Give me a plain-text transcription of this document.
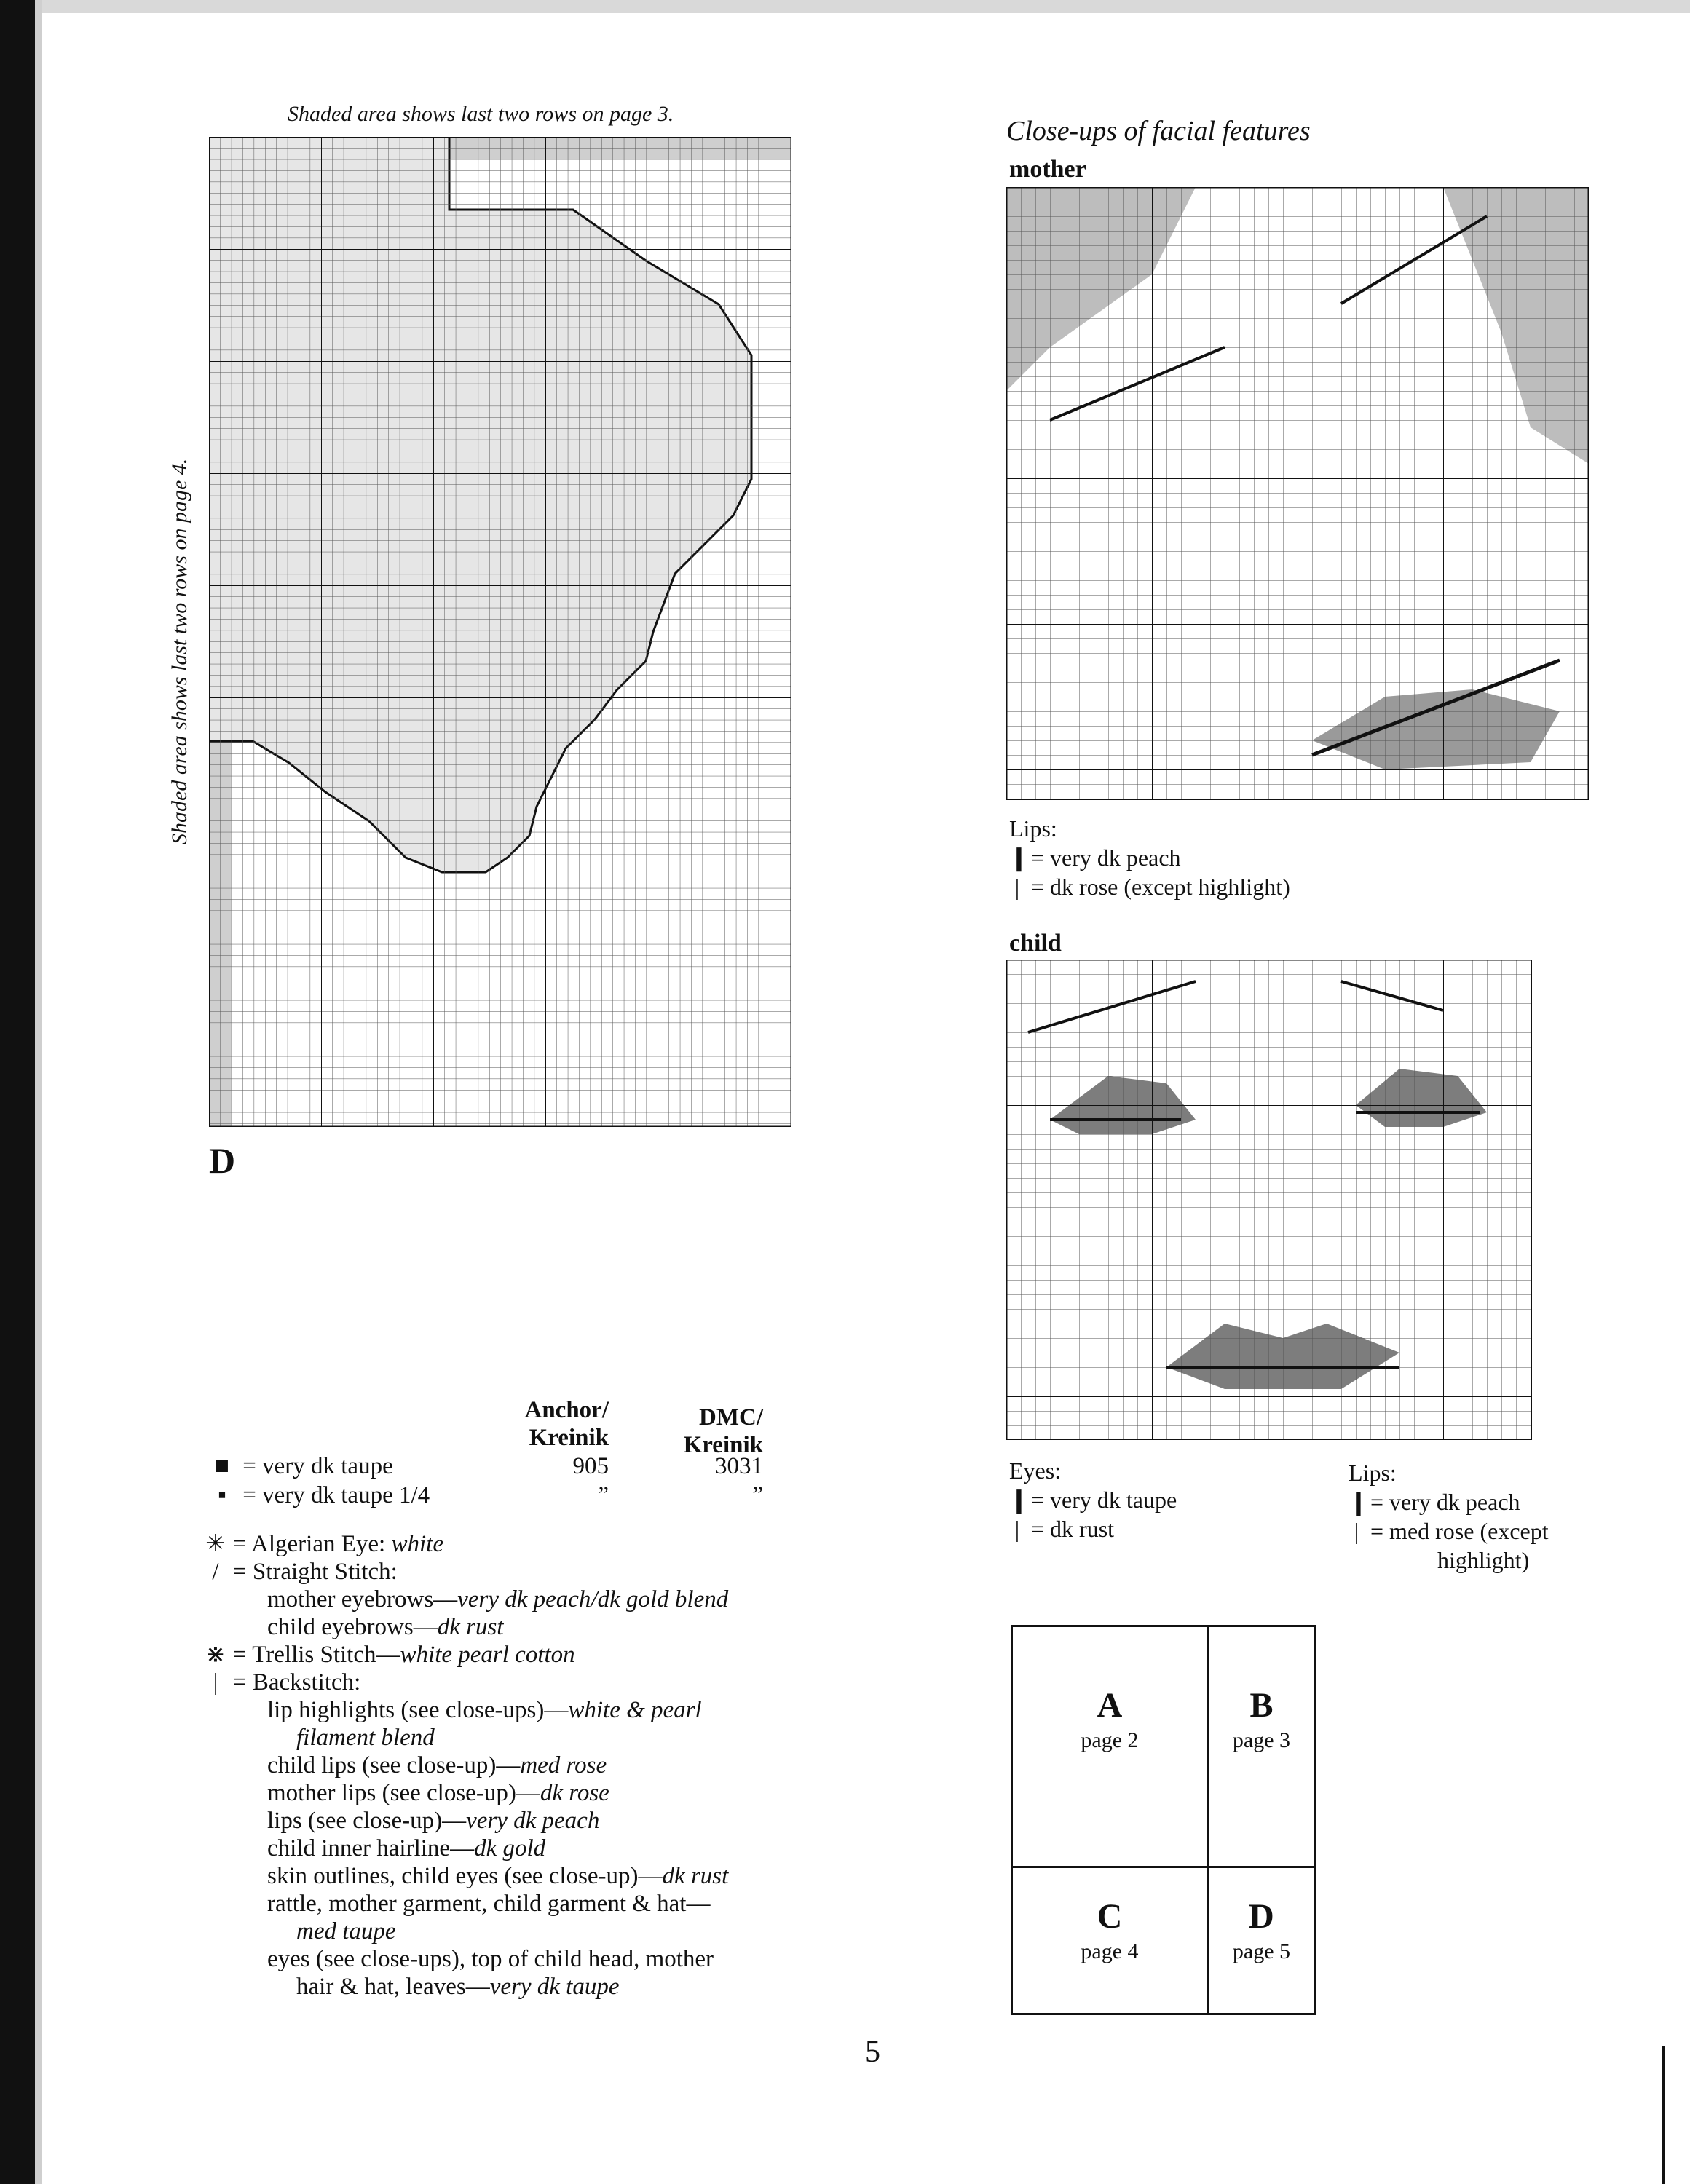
Shaded area shows last two rows on page 3.
Shaded area shows last two rows on page 4.
D
Close-ups of facial features
mother
Lips:
❙ = very dk peach
| = dk rose (except highlight)
child
Eyes:
❙ = very dk taupe
| = dk rust
Lips:
❙ = very dk peach
| = med rose (except
highlight)
Anchor/
Kreinik
DMC/
Kreinik
■ = very dk taupe	905	3031
▪ = very dk taupe 1/4	”	”
✳ = Algerian Eye: white
/ = Straight Stitch:
mother eyebrows—very dk peach/dk gold blend
child eyebrows—dk rust
⋇ = Trellis Stitch—white pearl cotton
| = Backstitch:
lip highlights (see close-ups)—white & pearl
filament blend
child lips (see close-up)—med rose
mother lips (see close-up)—dk rose
lips (see close-up)—very dk peach
child inner hairline—dk gold
skin outlines, child eyes (see close-up)—dk rust
rattle, mother garment, child garment & hat—
med taupe
eyes (see close-ups), top of child head, mother
hair & hat, leaves—very dk taupe
A
page 2
B
page 3
C
page 4
D
page 5
5
